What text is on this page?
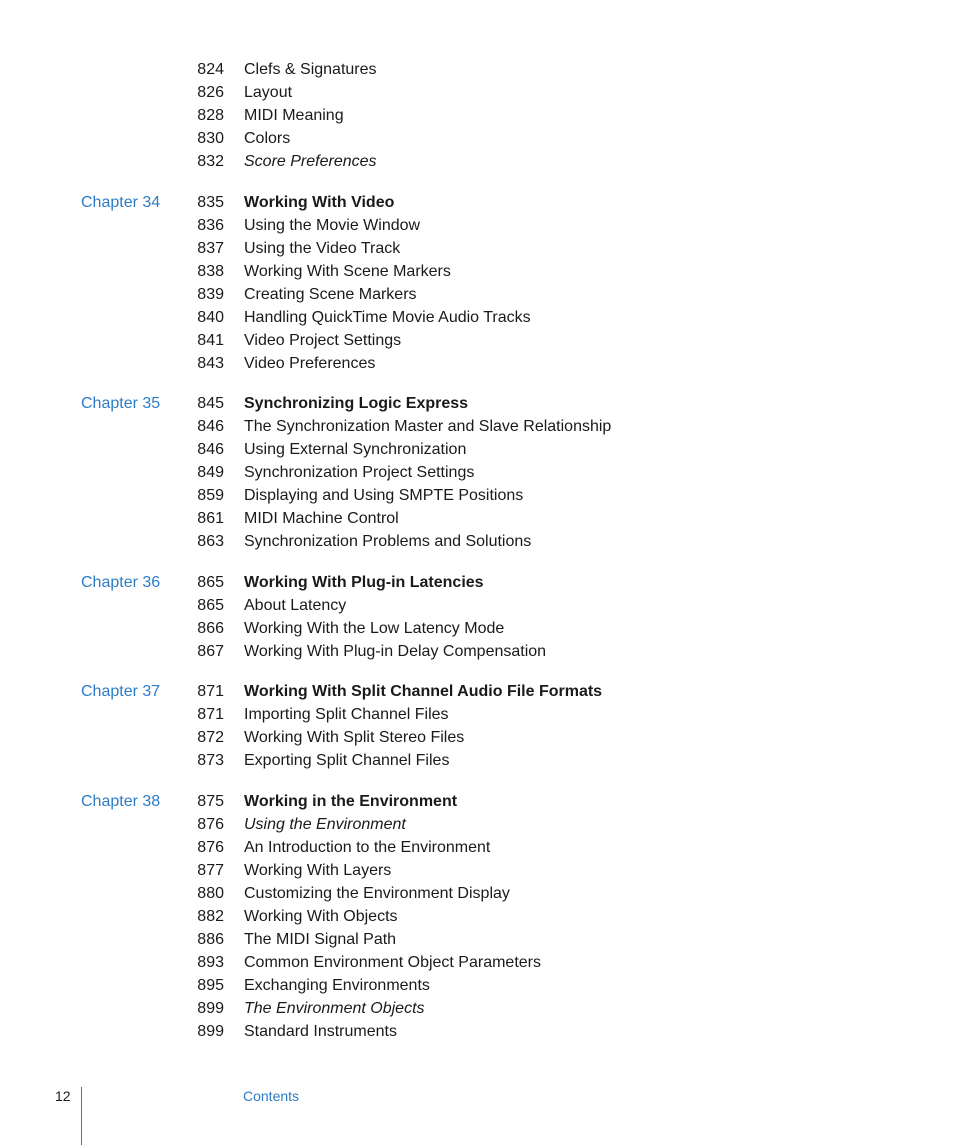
824 Clefs & Signatures
826 Layout
828 MIDI Meaning
830 Colors
832 Score Preferences
Chapter 34	835 Working With Video
836 Using the Movie Window
837 Using the Video Track
838 Working With Scene Markers
839 Creating Scene Markers
840 Handling QuickTime Movie Audio Tracks
841 Video Project Settings
843 Video Preferences
Chapter 35	845 Synchronizing Logic Express
846 The Synchronization Master and Slave Relationship
846 Using External Synchronization
849 Synchronization Project Settings
859 Displaying and Using SMPTE Positions
861 MIDI Machine Control
863 Synchronization Problems and Solutions
Chapter 36	865 Working With Plug-in Latencies
865 About Latency
866 Working With the Low Latency Mode
867 Working With Plug-in Delay Compensation
Chapter 37	871 Working With Split Channel Audio File Formats
871 Importing Split Channel Files
872 Working With Split Stereo Files
873 Exporting Split Channel Files
Chapter 38	875 Working in the Environment
876 Using the Environment
876 An Introduction to the Environment
877 Working With Layers
880 Customizing the Environment Display
882 Working With Objects
886 The MIDI Signal Path
893 Common Environment Object Parameters
895 Exchanging Environments
899 The Environment Objects
899 Standard Instruments
12	Contents
